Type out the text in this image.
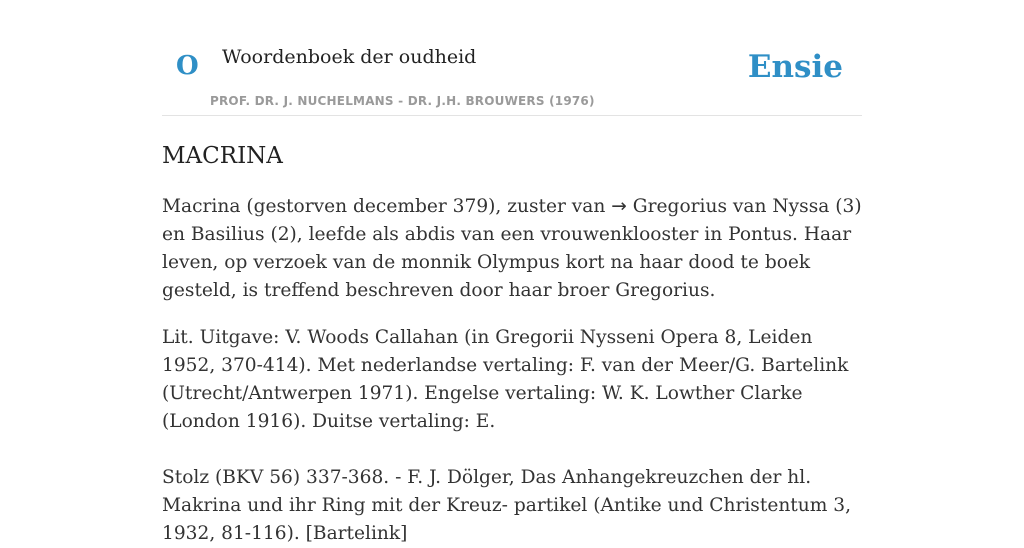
O Woordenboek der oudheid
PROF. DR. J. NUCHELMANS - DR. J.H. BROUWERS (1976)
Ensie
MACRINA

Macrina (gestorven december 379), zuster van → Gregorius van Nyssa (3) en Basilius (2), leefde als abdis van een vrouwenklooster in Pontus. Haar leven, op verzoek van de monnik Olympus kort na haar dood te boek gesteld, is treffend beschreven door haar broer Gregorius.

Lit. Uitgave: V. Woods Callahan (in Gregorii Nysseni Opera 8, Leiden 1952, 370-414). Met nederlandse vertaling: F. van der Meer/G. Bartelink (Utrecht/Antwerpen 1971). Engelse vertaling: W. K. Lowther Clarke (London 1916). Duitse vertaling: E.

Stolz (BKV 56) 337-368. - F. J. Dölger, Das Anhangekreuzchen der hl. Makrina und ihr Ring mit der Kreuz- partikel (Antike und Christentum 3, 1932, 81-116). [Bartelink]
